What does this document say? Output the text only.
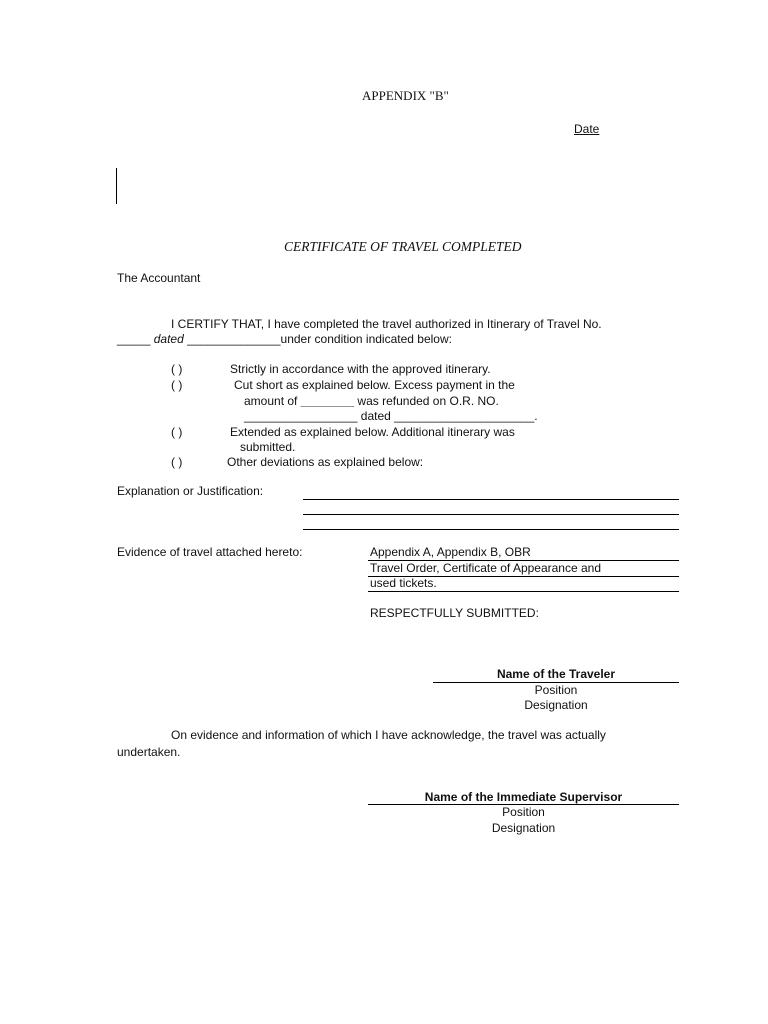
APPENDIX "B"
Date
CERTIFICATE OF TRAVEL COMPLETED
The Accountant
I CERTIFY THAT, I have completed the travel authorized in Itinerary of Travel No.
_____ dated ______________under condition indicated below:
( )	Strictly in accordance with the approved itinerary.
( )	Cut short as explained below. Excess payment in the
amount of ________ was refunded on O.R. NO.
_________________ dated _____________________.
( )	Extended as explained below. Additional itinerary was
submitted.
( )	Other deviations as explained below:
Explanation or Justification:
Evidence of travel attached hereto:	Appendix A, Appendix B, OBR
Travel Order, Certificate of Appearance and
used tickets.
RESPECTFULLY SUBMITTED:
Name of the Traveler
Position
Designation
On evidence and information of which I have acknowledge, the travel was actually
undertaken.
Name of the Immediate Supervisor
Position
Designation
